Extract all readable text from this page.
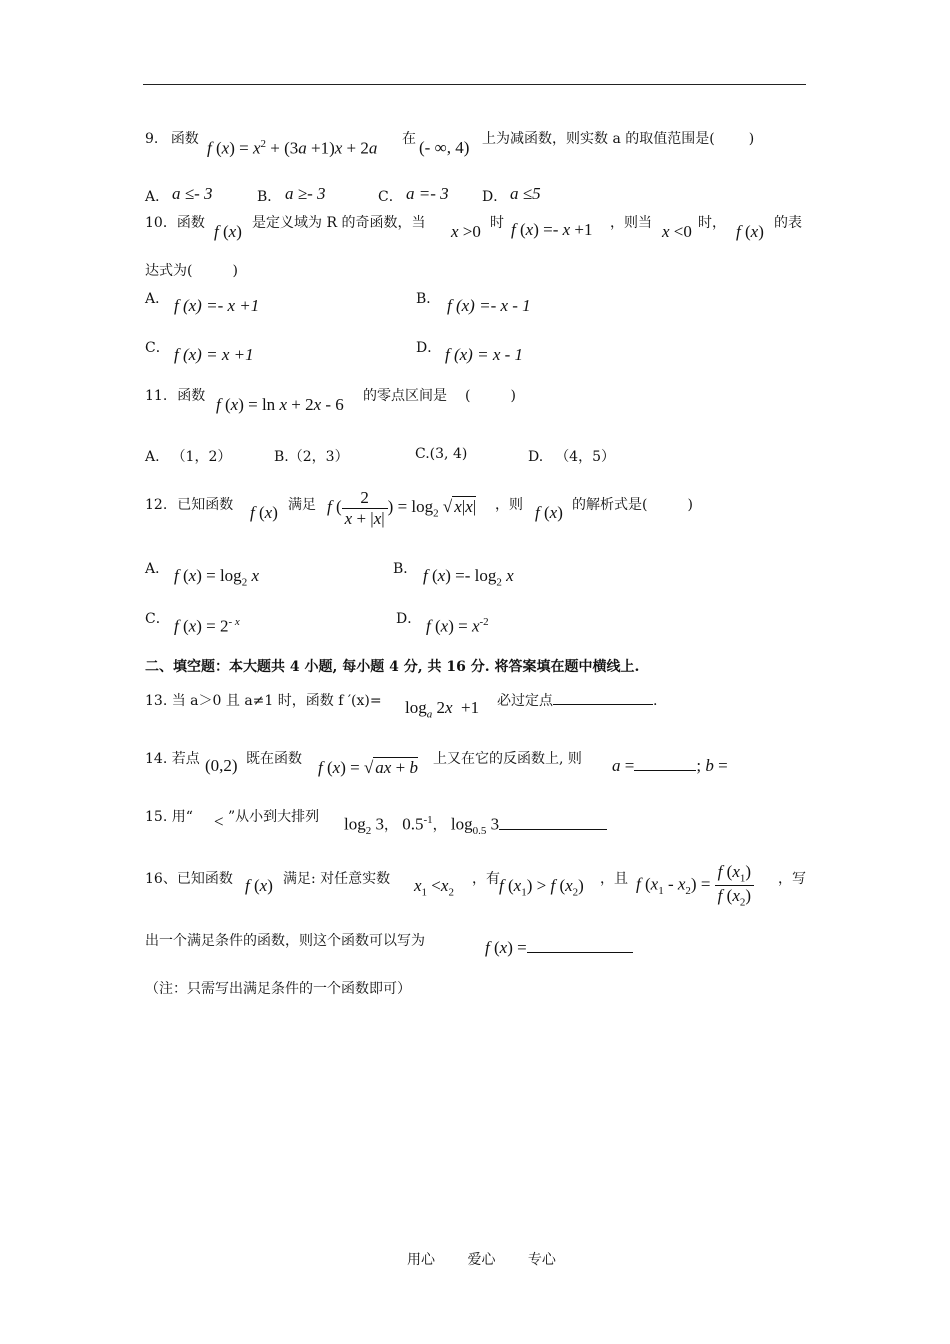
9. 函数 f $(x) = x^2 + (3a +1)x + 2a$ 在 (- ∞, 4) 上为减函数，则实数 a 的取值范围是( )
A． a ≤- 3	B． a ≥- 3	C． a =- 3 D． a ≤5
10．函数 f (x) 是定义域为 R 的奇函数，当 x >0 时 f (x) =- x +1 ，则当 x <0 时， f (x) 的表
达式为(	)
A． f (x) =- x +1	B． f (x) =- x - 1
C． f (x) = x +1	D． f (x) = x - 1
11. 函数 f (x) = ln x + 2x - 6 的零点区间是 (	)
A. （1，2）	B.（2，3）	C.(3, 4)	D. （4，5）
12. 已知函数 f (x) 满足 f ( $\frac{2}{x + |x|}$ ) = $\log_2$ √ x|x| ，则 f (x) 的解析式是(	)
A． f $(x) = \log_2 x$	B． f $(x) =- \log_2 x$
C． f $(x) = 2^{- x}$	D． f $(x) = x^{-2}$
二、填空题：本大题共 4 小题, 每小题 4 分, 共 16 分. 将答案填在题中横线上.
13. 当 a＞0 且 a≠1 时，函数 f $'(x)= \log_a 2x +1$ 必过定点	.
14. 若点 (0,2) 既在函数 f (x) = √ ax + b 上又在它的反函数上, 则 a =	; b =
15. 用“ < ”从小到大排列 $\log_2 3$， $0.5^{-1}$， $\log_{0.5} 3$
16、已知函数 f (x) 满足: 对任意实数 $x_1 <x_2$
，有 f $(x_1) > f$ $(x_2)$ ，且 f $(x_1 - x_2) = \frac{f (x_1)}{f (x_2)}$ ，写
出一个满足条件的函数，则这个函数可以写为	f (x) =
（注：只需写出满足条件的一个函数即可）
用心 爱心 专心
